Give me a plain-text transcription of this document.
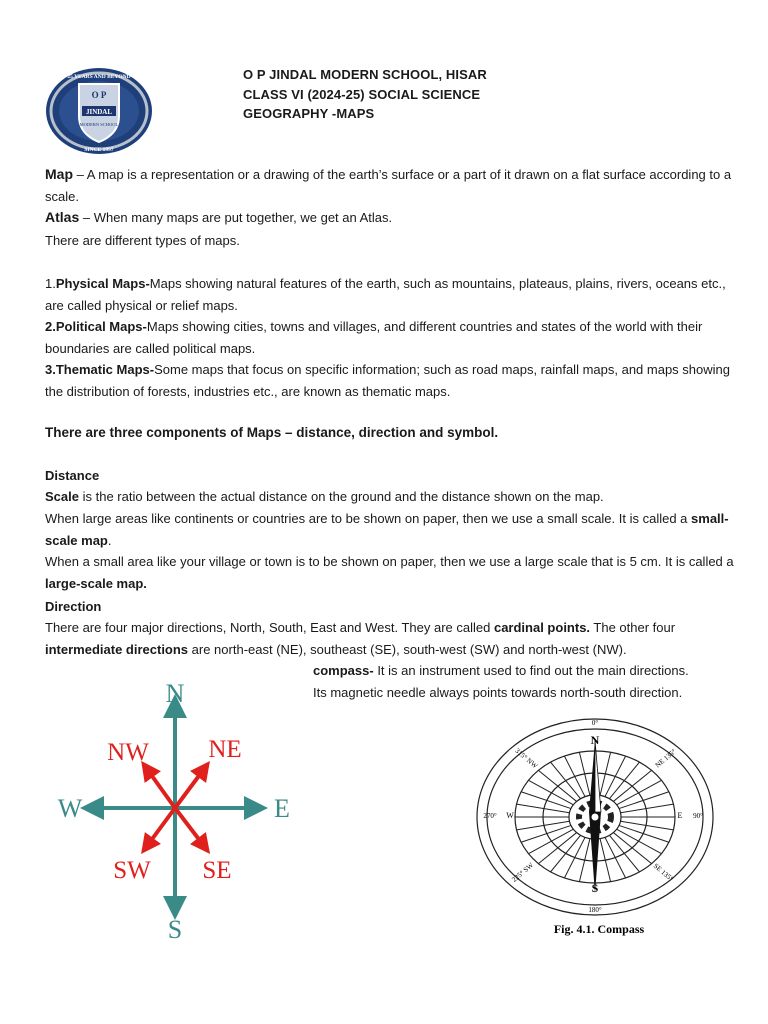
O P
JINDAL
MODERN SCHOOL
25 YEARS AND BEYOND
SINCE 1997
O P JINDAL MODERN SCHOOL, HISAR
CLASS VI (2024-25) SOCIAL SCIENCE
GEOGRAPHY -MAPS
Map – A map is a representation or a drawing of the earth’s surface or a part of it drawn on a flat surface according to a scale.
Atlas – When many maps are put together, we get an Atlas.
There are different types of maps.
1.Physical Maps-Maps showing natural features of the earth, such as mountains, plateaus, plains, rivers, oceans etc., are called physical or relief maps.
2.Political Maps-Maps showing cities, towns and villages, and different countries and states of the world with their boundaries are called political maps.
3.Thematic Maps-Some maps that focus on specific information; such as road maps, rainfall maps, and maps showing the distribution of forests, industries etc., are known as thematic maps.
There are three components of Maps – distance, direction and symbol.
Distance
Scale is the ratio between the actual distance on the ground and the distance shown on the map.
When large areas like continents or countries are to be shown on paper, then we use a small scale. It is called a small-scale map.
When a small area like your village or town is to be shown on paper, then we use a large scale that is 5 cm. It is called a large-scale map.
Direction
There are four major directions, North, South, East and West. They are called cardinal points. The other four
intermediate directions are north-east (NE), southeast (SE), south-west (SW) and north-west (NW).
compass- It is an instrument used to find out the main directions.
Its magnetic needle always points towards north-south direction.
N
S
E
W
NE
NW
SE
SW
0°
N
S
180°
E 90°
W
270°
315° NW	NE 135°
225° SW	SE 135°
Fig. 4.1. Compass
